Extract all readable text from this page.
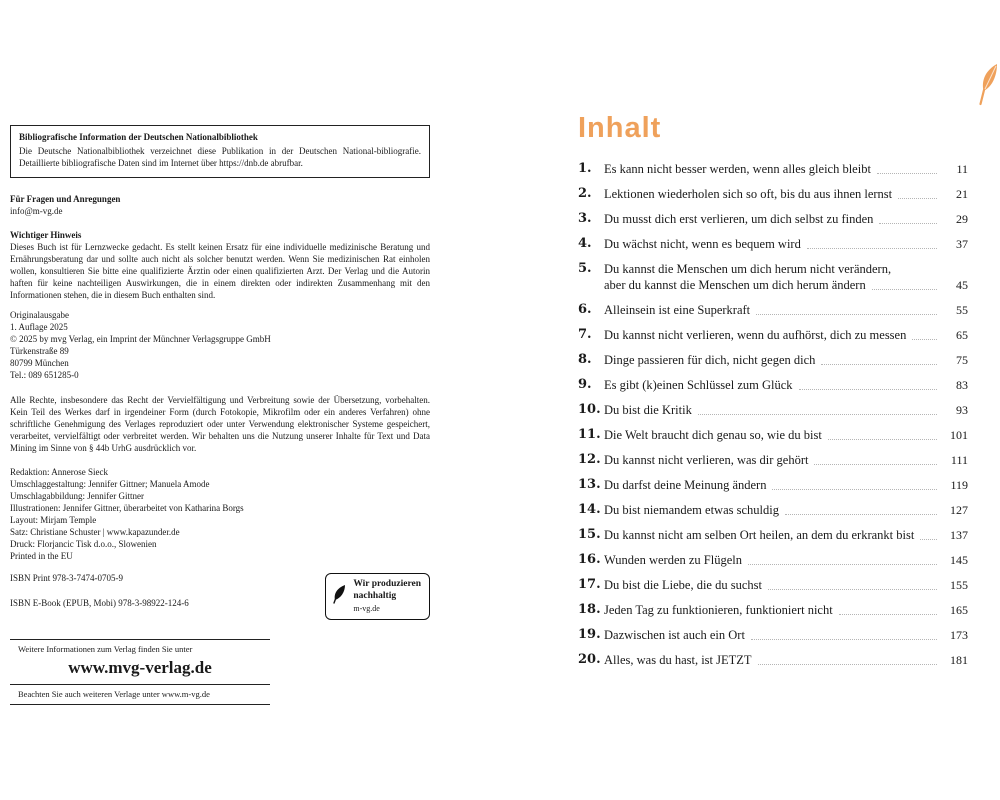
Bibliografische Information der Deutschen Nationalbibliothek
Die Deutsche Nationalbibliothek verzeichnet diese Publikation in der Deutschen National-bibliografie. Detaillierte bibliografische Daten sind im Internet über https://dnb.de abrufbar.
Für Fragen und Anregungen
info@m-vg.de
Wichtiger Hinweis
Dieses Buch ist für Lernzwecke gedacht. Es stellt keinen Ersatz für eine individuelle medizinische Beratung und Ernährungsberatung dar und sollte auch nicht als solcher benutzt werden. Wenn Sie medizinischen Rat einholen wollen, konsultieren Sie bitte eine qualifizierte Ärztin oder einen qualifizierten Arzt. Der Verlag und die Autorin haften für keine nachteiligen Auswirkungen, die in einem direkten oder indirekten Zusammenhang mit den Informationen stehen, die in diesem Buch enthalten sind.
Originalausgabe
1. Auflage 2025
© 2025 by mvg Verlag, ein Imprint der Münchner Verlagsgruppe GmbH
Türkenstraße 89
80799 München
Tel.: 089 651285-0
Alle Rechte, insbesondere das Recht der Vervielfältigung und Verbreitung sowie der Übersetzung, vorbehalten. Kein Teil des Werkes darf in irgendeiner Form (durch Fotokopie, Mikrofilm oder ein anderes Verfahren) ohne schriftliche Genehmigung des Verlages reproduziert oder unter Verwendung elektronischer Systeme gespeichert, verarbeitet, vervielfältigt oder verbreitet werden. Wir behalten uns die Nutzung unserer Inhalte für Text und Data Mining im Sinne von § 44b UrhG ausdrücklich vor.
Redaktion: Annerose Sieck
Umschlaggestaltung: Jennifer Gittner; Manuela Amode
Umschlagabbildung: Jennifer Gittner
Illustrationen: Jennifer Gittner, überarbeitet von Katharina Borgs
Layout: Mirjam Temple
Satz: Christiane Schuster | www.kapazunder.de
Druck: Florjancic Tisk d.o.o., Slowenien
Printed in the EU
ISBN Print 978-3-7474-0705-9
ISBN E-Book (EPUB, Mobi) 978-3-98922-124-6
Wir produzieren
nachhaltig
m-vg.de
Weitere Informationen zum Verlag finden Sie unter
www.mvg-verlag.de
Beachten Sie auch weiteren Verlage unter www.m-vg.de
Inhalt
1. Es kann nicht besser werden, wenn alles gleich bleibt	11
2. Lektionen wiederholen sich so oft, bis du aus ihnen lernst	21
3. Du musst dich erst verlieren, um dich selbst zu finden	29
4. Du wächst nicht, wenn es bequem wird	37
5. Du kannst die Menschen um dich herum nicht verändern,
aber du kannst die Menschen um dich herum ändern	45
6. Alleinsein ist eine Superkraft	55
7. Du kannst nicht verlieren, wenn du aufhörst, dich zu messen	65
8. Dinge passieren für dich, nicht gegen dich	75
9. Es gibt (k)einen Schlüssel zum Glück	83
10. Du bist die Kritik	93
11. Die Welt braucht dich genau so, wie du bist	101
12. Du kannst nicht verlieren, was dir gehört	111
13. Du darfst deine Meinung ändern	119
14. Du bist niemandem etwas schuldig	127
15. Du kannst nicht am selben Ort heilen, an dem du erkrankt bist	137
16. Wunden werden zu Flügeln	145
17. Du bist die Liebe, die du suchst	155
18. Jeden Tag zu funktionieren, funktioniert nicht	165
19. Dazwischen ist auch ein Ort	173
20. Alles, was du hast, ist JETZT	181
